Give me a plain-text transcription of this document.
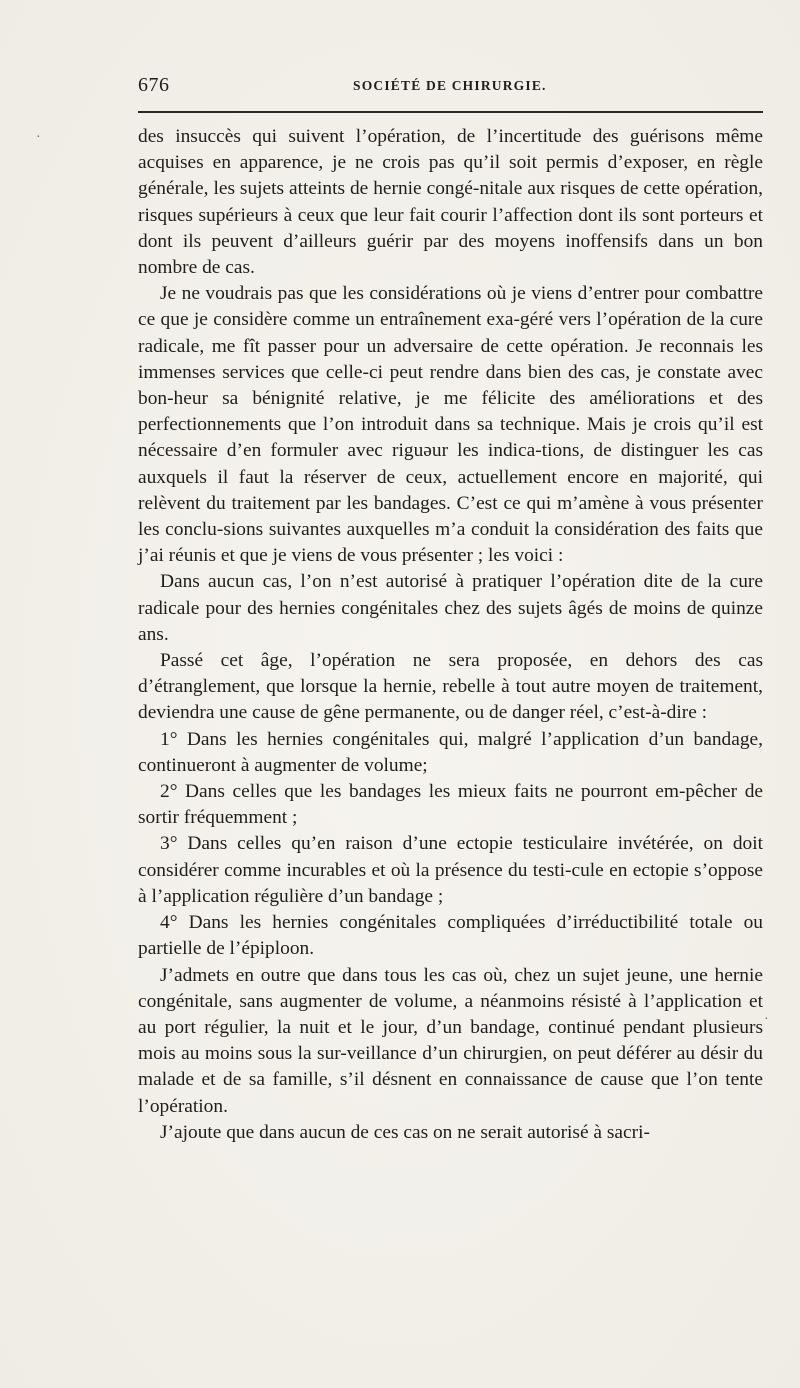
676	SOCIÉTÉ DE CHIRURGIE.

des insuccès qui suivent l’opération, de l’incertitude des guérisons même acquises en apparence, je ne crois pas qu’il soit permis d’exposer, en règle générale, les sujets atteints de hernie congé-nitale aux risques de cette opération, risques supérieurs à ceux que leur fait courir l’affection dont ils sont porteurs et dont ils peuvent d’ailleurs guérir par des moyens inoffensifs dans un bon nombre de cas.

Je ne voudrais pas que les considérations où je viens d’entrer pour combattre ce que je considère comme un entraînement exa-géré vers l’opération de la cure radicale, me fît passer pour un adversaire de cette opération. Je reconnais les immenses services que celle-ci peut rendre dans bien des cas, je constate avec bon-heur sa bénignité relative, je me félicite des améliorations et des perfectionnements que l’on introduit dans sa technique. Mais je crois qu’il est nécessaire d’en formuler avec riguəur les indica-tions, de distinguer les cas auxquels il faut la réserver de ceux, actuellement encore en majorité, qui relèvent du traitement par les bandages. C’est ce qui m’amène à vous présenter les conclu-sions suivantes auxquelles m’a conduit la considération des faits que j’ai réunis et que je viens de vous présenter ; les voici :

Dans aucun cas, l’on n’est autorisé à pratiquer l’opération dite de la cure radicale pour des hernies congénitales chez des sujets âgés de moins de quinze ans.

Passé cet âge, l’opération ne sera proposée, en dehors des cas d’étranglement, que lorsque la hernie, rebelle à tout autre moyen de traitement, deviendra une cause de gêne permanente, ou de danger réel, c’est-à-dire :

1° Dans les hernies congénitales qui, malgré l’application d’un bandage, continueront à augmenter de volume;

2° Dans celles que les bandages les mieux faits ne pourront em-pêcher de sortir fréquemment ;

3° Dans celles qu’en raison d’une ectopie testiculaire invétérée, on doit considérer comme incurables et où la présence du testi-cule en ectopie s’oppose à l’application régulière d’un bandage ;

4° Dans les hernies congénitales compliquées d’irréductibilité totale ou partielle de l’épiploon.

J’admets en outre que dans tous les cas où, chez un sujet jeune, une hernie congénitale, sans augmenter de volume, a néanmoins résisté à l’application et au port régulier, la nuit et le jour, d’un bandage, continué pendant plusieurs mois au moins sous la sur-veillance d’un chirurgien, on peut déférer au désir du malade et de sa famille, s’il désnent en connaissance de cause que l’on tente l’opération.

J’ajoute que dans aucun de ces cas on ne serait autorisé à sacri-

·
·
